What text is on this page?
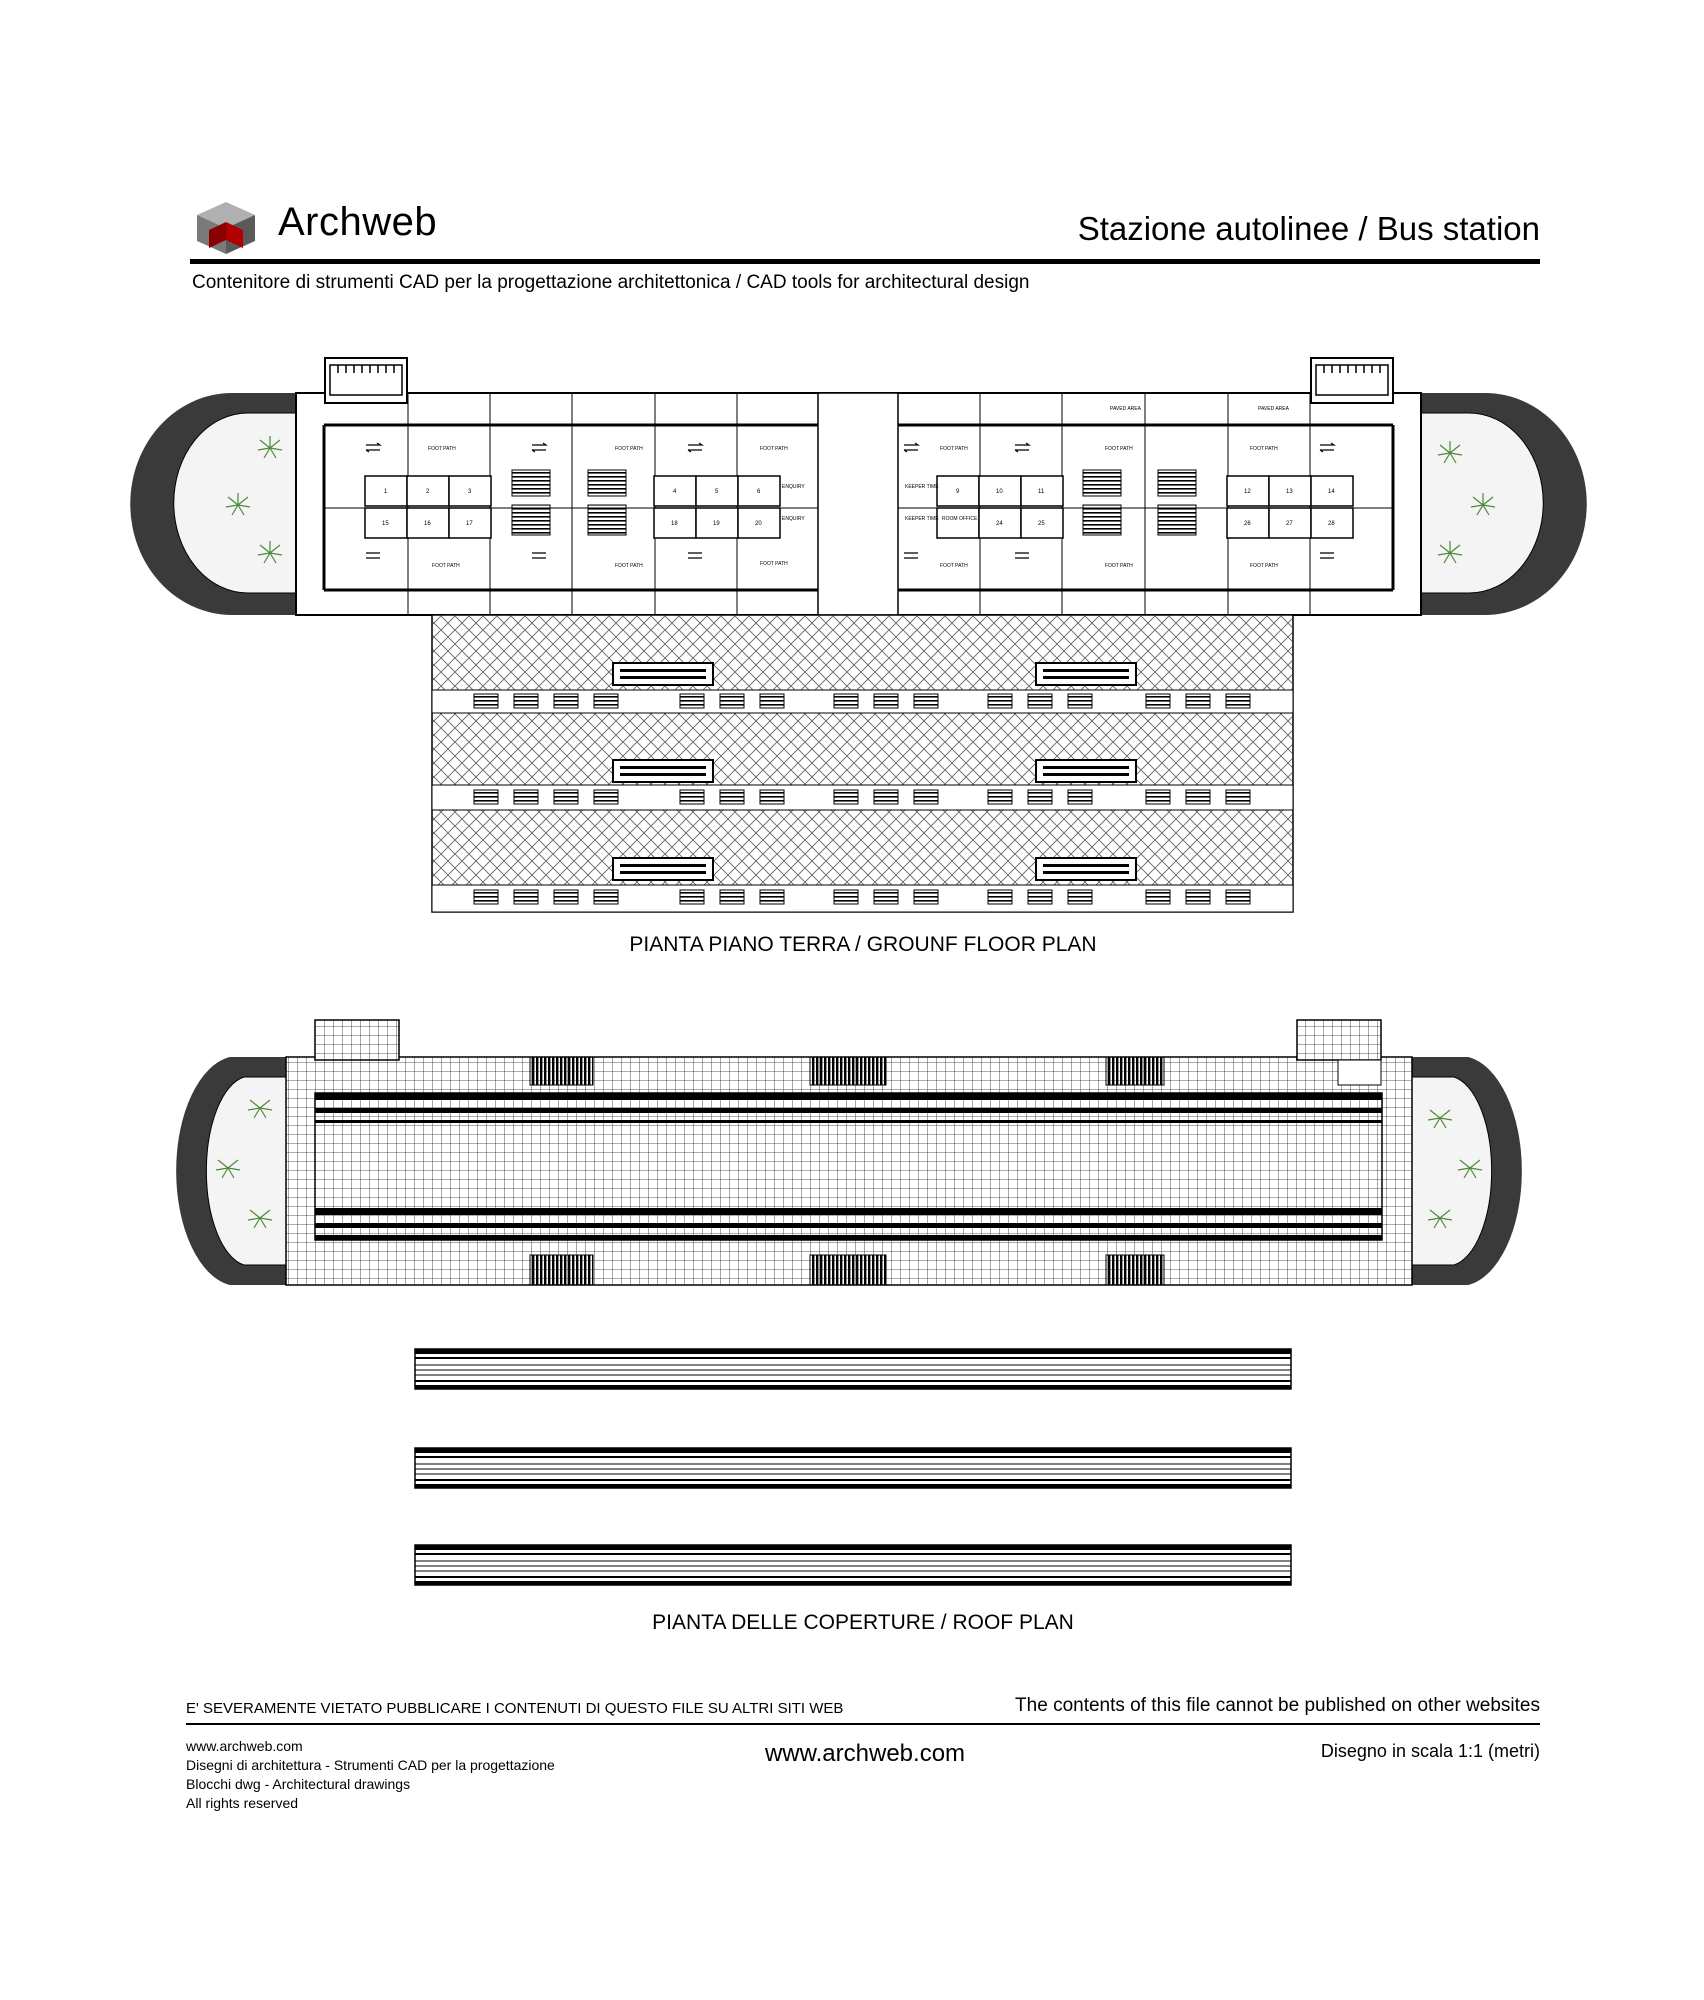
Archweb	Stazione autolinee / Bus station
Contenitore di strumenti CAD per la progettazione architettonica / CAD tools for architectural design
1	2	3	4	5	6	9	10	11	12	13	14
15	16	17	18	19	20	24	25	26	27	28
FOOT PATH	FOOT PATH	FOOT PATH	FOOT PATH	FOOT PATH	FOOT PATH
FOOT PATH	FOOT PATH	FOOT PATH	FOOT PATH	FOOT PATH	FOOT PATH
PAVED AREA	PAVED AREA
ENQUIRY
ENQUIRY
KEEPER TIME
KEEPER TIME ROOM OFFICE
PIANTA PIANO TERRA / GROUNF FLOOR PLAN
PIANTA DELLE COPERTURE / ROOF PLAN
E' SEVERAMENTE VIETATO PUBBLICARE I CONTENUTI DI QUESTO FILE SU ALTRI SITI WEB	The contents of this file cannot be published on other websites
www.archweb.com
Disegni di architettura - Strumenti CAD per la progettazione
Blocchi dwg - Architectural drawings
All rights reserved
www.archweb.com	Disegno in scala 1:1 (metri)
